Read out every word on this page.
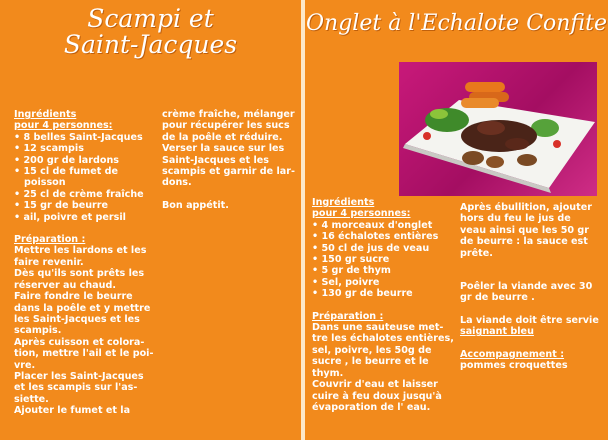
Scampi et
Saint-Jacques
Ingrédients
pour 4 personnes:
• 8 belles Saint-Jacques
• 12 scampis
• 200 gr de lardons
• 15 cl de fumet de
poisson
• 25 cl de crème fraîche
• 15 gr de beurre
• ail, poivre et persil
Préparation :
Mettre les lardons et les
faire revenir.
Dès qu'ils sont prêts les
réserver au chaud.
Faire fondre le beurre
dans la poêle et y mettre
les Saint-Jacques et les
scampis.
Après cuisson et colora-
tion, mettre l'ail et le poi-
vre.
Placer les Saint-Jacques
et les scampis sur l'as-
siette.
Ajouter le fumet et la
crème fraîche, mélanger
pour récupérer les sucs
de la poêle et réduire.
Verser la sauce sur les
Saint-Jacques et les
scampis et garnir de lar-
dons.
Bon appétit.
Onglet à l'Echalote Confite
Ingrédients
pour 4 personnes:
• 4 morceaux d'onglet
• 16 échalotes entières
• 50 cl de jus de veau
• 150 gr sucre
• 5 gr de thym
• Sel, poivre
• 130 gr de beurre
Préparation :
Dans une sauteuse met-
tre les échalotes entières,
sel, poivre, les 50g de
sucre , le beurre et le
thym.
Couvrir d'eau et laisser
cuire à feu doux jusqu'à
évaporation de l' eau.
Après ébullition, ajouter
hors du feu le jus de
veau ainsi que les 50 gr
de beurre : la sauce est
prête.
Poêler la viande avec 30
gr de beurre .
La viande doit être servie
saignant bleu
Accompagnement :
pommes croquettes
